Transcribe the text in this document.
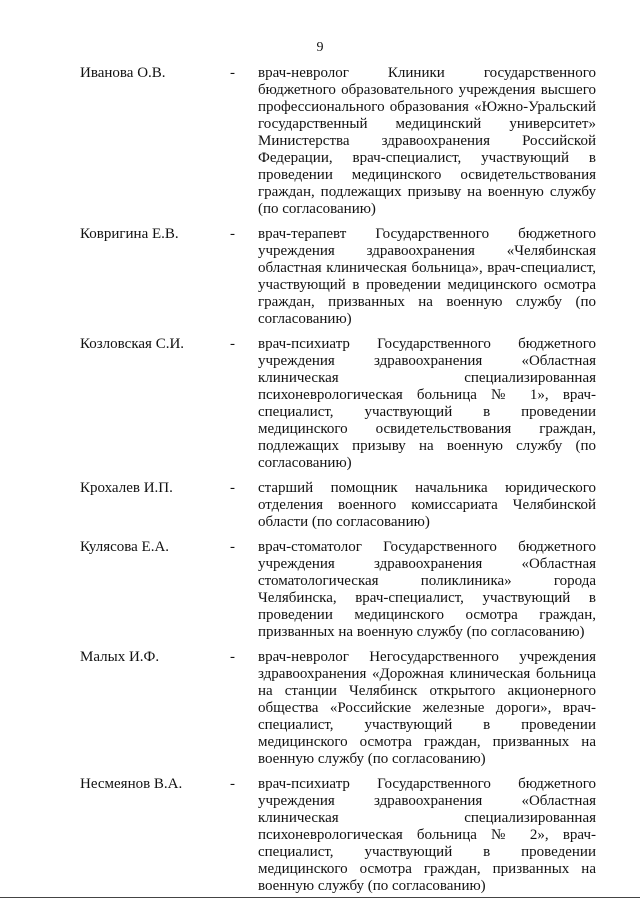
9
Иванова О.В.	-	врач-невролог Клиники государственного бюджетного образовательного учреждения высшего профессионального образования «Южно-Уральский государственный медицинский университет» Министерства здравоохранения Российской Федерации, врач-специалист, участвующий в проведении медицинского освидетельствования граждан, подлежащих призыву на военную службу (по согласованию)
Ковригина Е.В.	-	врач-терапевт Государственного бюджетного учреждения здравоохранения «Челябинская областная клиническая больница», врач-специалист, участвующий в проведении медицинского осмотра граждан, призванных на военную службу (по согласованию)
Козловская С.И.	-	врач-психиатр Государственного бюджетного учреждения здравоохранения «Областная клиническая специализированная психоневрологическая больница № 1», врач-специалист, участвующий в проведении медицинского освидетельствования граждан, подлежащих призыву на военную службу (по согласованию)
Крохалев И.П.	-	старший помощник начальника юридического отделения военного комиссариата Челябинской области (по согласованию)
Кулясова Е.А.	-	врач-стоматолог Государственного бюджетного учреждения здравоохранения «Областная стоматологическая поликлиника» города Челябинска, врач-специалист, участвующий в проведении медицинского осмотра граждан, призванных на военную службу (по согласованию)
Малых И.Ф.	-	врач-невролог Негосударственного учреждения здравоохранения «Дорожная клиническая больница на станции Челябинск открытого акционерного общества «Российские железные дороги», врач-специалист, участвующий в проведении медицинского осмотра граждан, призванных на военную службу (по согласованию)
Несмеянов В.А.	-	врач-психиатр Государственного бюджетного учреждения здравоохранения «Областная клиническая специализированная психоневрологическая больница № 2», врач-специалист, участвующий в проведении медицинского осмотра граждан, призванных на военную службу (по согласованию)
